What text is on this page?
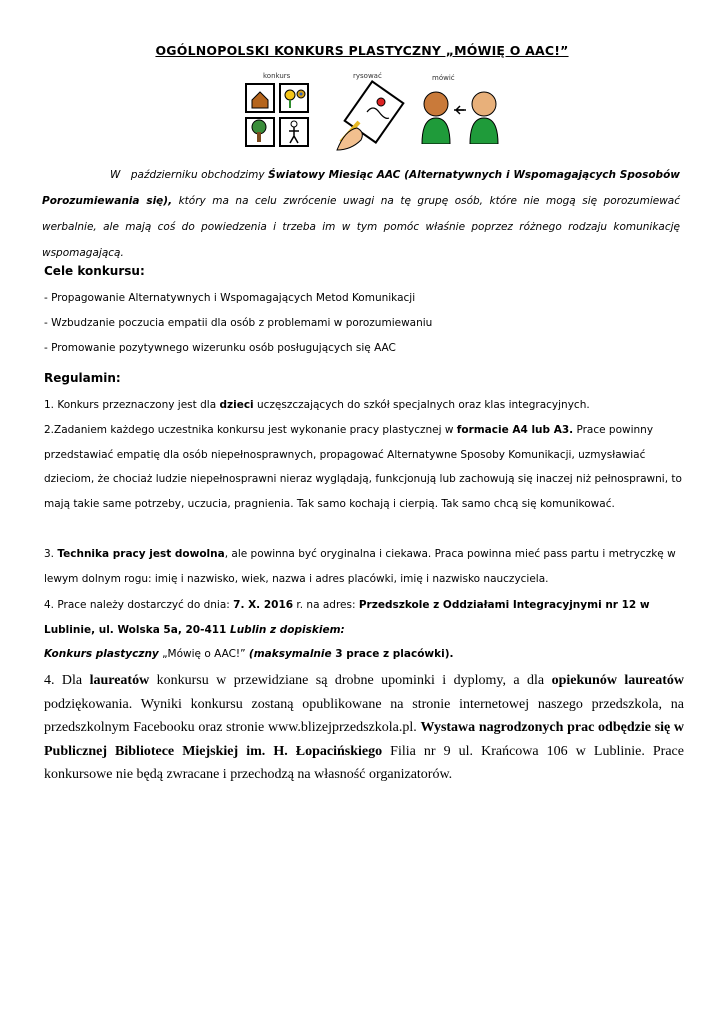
OGÓLNOPOLSKI KONKURS PLASTYCZNY „MÓWIĘ O AAC!”
konkurs	rysować	mówić
W październiku obchodzimy Światowy Miesiąc AAC (Alternatywnych i Wspomagających Sposobów Porozumiewania się), który ma na celu zwrócenie uwagi na tę grupę osób, które nie mogą się porozumiewać werbalnie, ale mają coś do powiedzenia i trzeba im w tym pomóc właśnie poprzez różnego rodzaju komunikację wspomagającą.
Cele konkursu:
- Propagowanie Alternatywnych i Wspomagających Metod Komunikacji
- Wzbudzanie poczucia empatii dla osób z problemami w porozumiewaniu
- Promowanie pozytywnego wizerunku osób posługujących się AAC
Regulamin:
1. Konkurs przeznaczony jest dla dzieci uczęszczających do szkół specjalnych oraz klas integracyjnych.
2.Zadaniem każdego uczestnika konkursu jest wykonanie pracy plastycznej w formacie A4 lub A3. Prace powinny przedstawiać empatię dla osób niepełnosprawnych, propagować Alternatywne Sposoby Komunikacji, uzmysławiać dzieciom, że chociaż ludzie niepełnosprawni nieraz wyglądają, funkcjonują lub zachowują się inaczej niż pełnosprawni, to mają takie same potrzeby, uczucia, pragnienia. Tak samo kochają i cierpią. Tak samo chcą się komunikować.
3. Technika pracy jest dowolna, ale powinna być oryginalna i ciekawa. Praca powinna mieć pass partu i metryczkę w lewym dolnym rogu: imię i nazwisko, wiek, nazwa i adres placówki, imię i nazwisko nauczyciela.
4. Prace należy dostarczyć do dnia: 7. X. 2016 r. na adres: Przedszkole z Oddziałami Integracyjnymi nr 12 w Lublinie, ul. Wolska 5a, 20-411 Lublin z dopiskiem:
Konkurs plastyczny „Mówię o AAC!” (maksymalnie 3 prace z placówki).
4. Dla laureatów konkursu w przewidziane są drobne upominki i dyplomy, a dla opiekunów laureatów podziękowania. Wyniki konkursu zostaną opublikowane na stronie internetowej naszego przedszkola, na przedszkolnym Facebooku oraz stronie www.blizejprzedszkola.pl. Wystawa nagrodzonych prac odbędzie się w Publicznej Bibliotece Miejskiej im. H. Łopacińskiego Filia nr 9 ul. Krańcowa 106 w Lublinie. Prace konkursowe nie będą zwracane i przechodzą na własność organizatorów.
